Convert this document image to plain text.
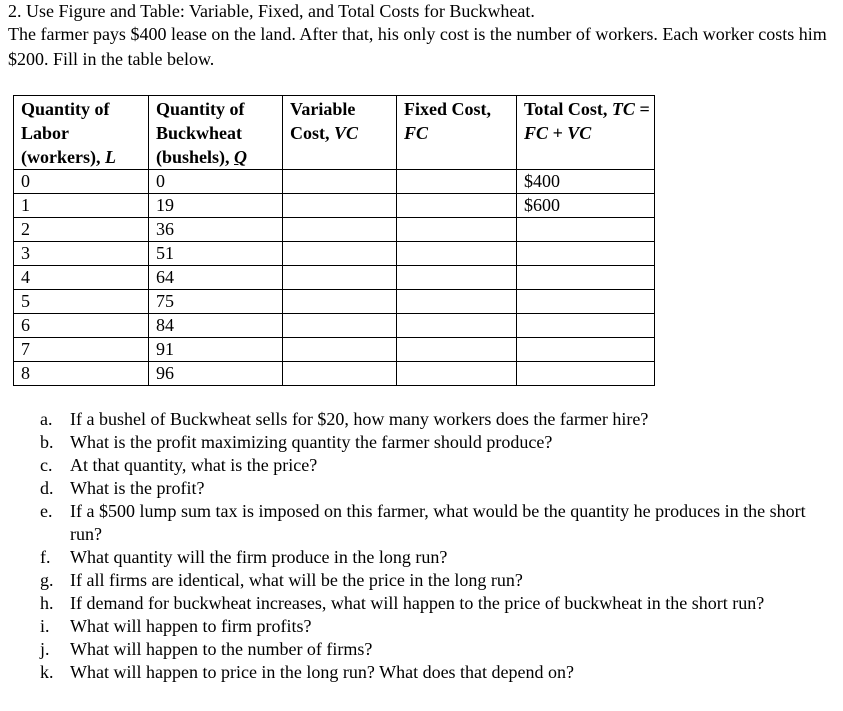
2. Use Figure and Table: Variable, Fixed, and Total Costs for Buckwheat.
The farmer pays $400 lease on the land. After that, his only cost is the number of workers. Each worker costs him $200. Fill in the table below.
Quantity of Labor (workers), L	Quantity of Buckwheat (bushels), Q	Variable Cost, VC	Fixed Cost, FC	Total Cost, TC = FC + VC
0	0			$400
1	19			$600
2	36			
3	51			
4	64			
5	75			
6	84			
7	91			
8	96			
a. If a bushel of Buckwheat sells for $20, how many workers does the farmer hire?
b. What is the profit maximizing quantity the farmer should produce?
c. At that quantity, what is the price?
d. What is the profit?
e. If a $500 lump sum tax is imposed on this farmer, what would be the quantity he produces in the short run?
f.	What quantity will the firm produce in the long run?
g. If all firms are identical, what will be the price in the long run?
h. If demand for buckwheat increases, what will happen to the price of buckwheat in the short run?
i.	What will happen to firm profits?
j.	What will happen to the number of firms?
k. What will happen to price in the long run? What does that depend on?
